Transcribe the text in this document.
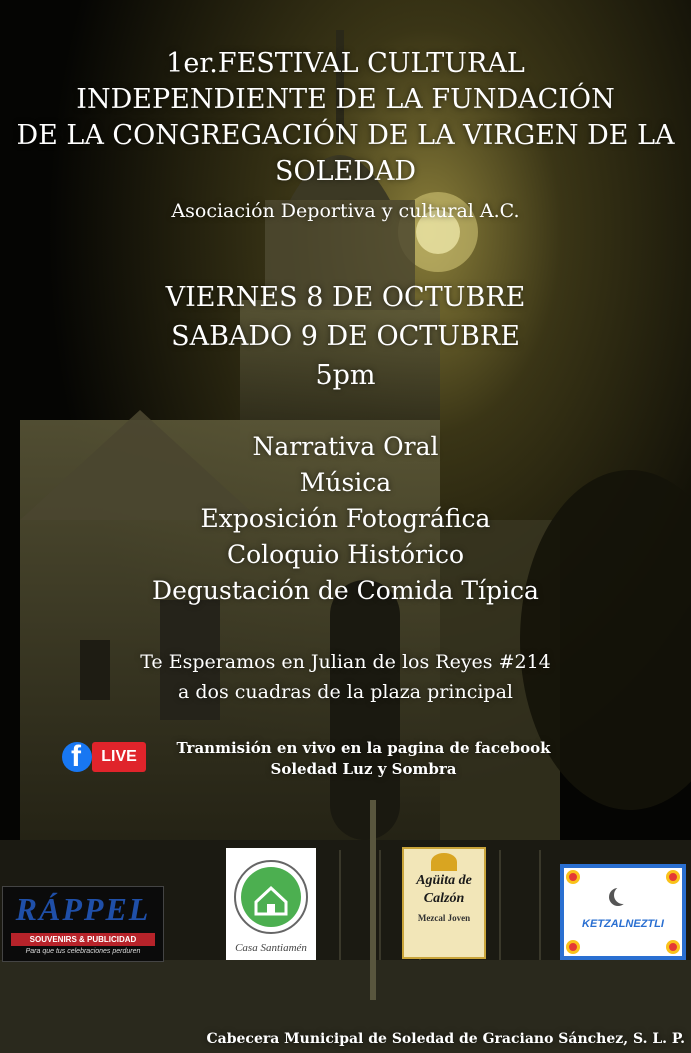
1er.FESTIVAL CULTURAL
INDEPENDIENTE DE LA FUNDACIÓN
DE LA CONGREGACIÓN DE LA VIRGEN DE LA
SOLEDAD
Asociación Deportiva y cultural A.C.
VIERNES 8 DE OCTUBRE
SABADO 9 DE OCTUBRE
5pm
Narrativa Oral
Música
Exposición Fotográfica
Coloquio Histórico
Degustación de Comida Típica
Te Esperamos en Julian de los Reyes #214
a dos cuadras de la plaza principal
f	LIVE	Tranmisión en vivo en la pagina de facebook
Soledad Luz y Sombra
RÁPPEL
SOUVENIRS & PUBLICIDAD
Para que tus celebraciones perduren	Casa Santiamén
Agüita de
Calzón
Mezcal Joven	KETZALNEZTLI
Cabecera Municipal de Soledad de Graciano Sánchez, S. L. P.
